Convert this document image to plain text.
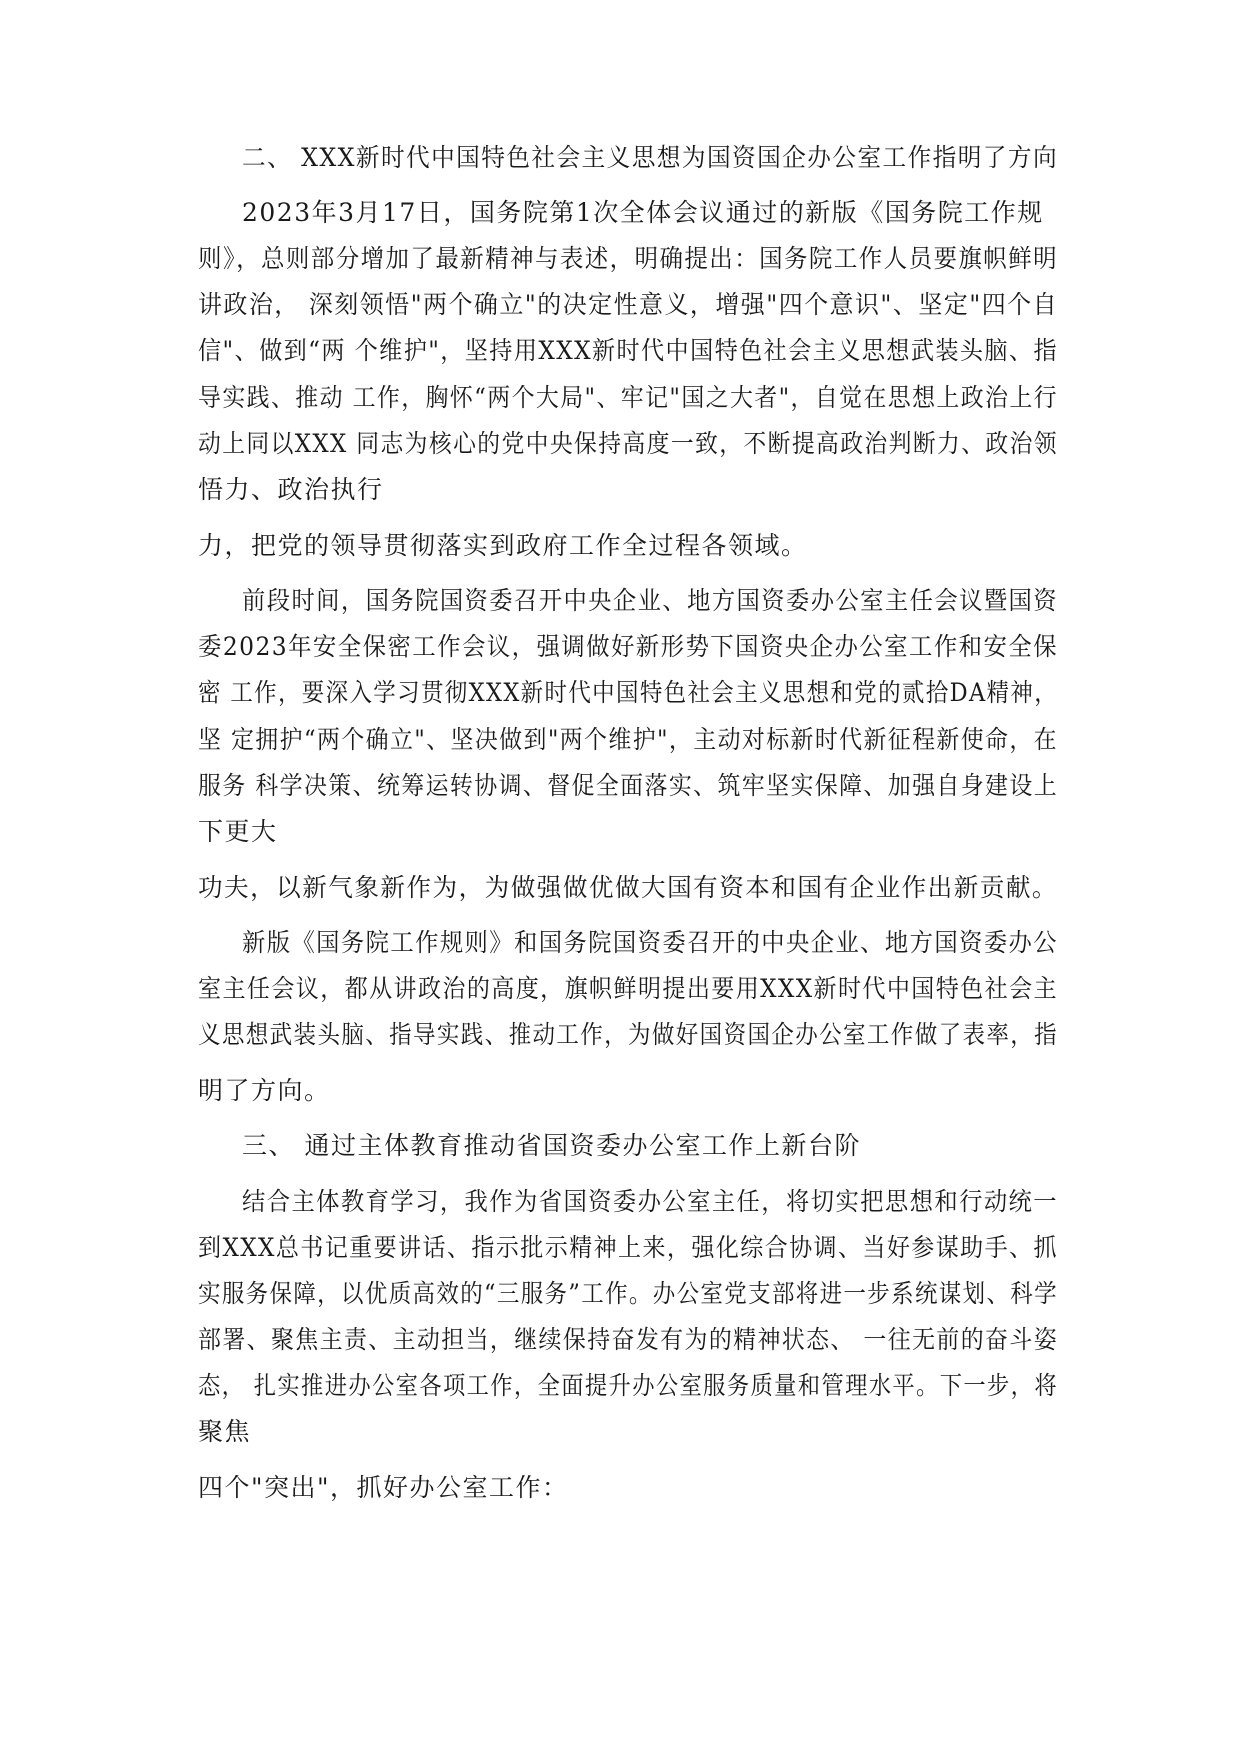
二、 XXX新时代中国特色社会主义思想为国资国企办公室工作指明了方向

2023年3月17日，国务院第1次全体会议通过的新版《国务院工作规

则》，总则部分增加了最新精神与表述，明确提出：国务院工作人员要旗帜鲜明

讲政治， 深刻领悟"两个确立"的决定性意义，增强"四个意识"、坚定"四个自

信"、做到“两 个维护"，坚持用XXX新时代中国特色社会主义思想武装头脑、指

导实践、推动 工作，胸怀“两个大局"、牢记"国之大者"，自觉在思想上政治上行

动上同以XXX 同志为核心的党中央保持高度一致，不断提高政治判断力、政治领

悟力、政治执行

力，把党的领导贯彻落实到政府工作全过程各领域。

前段时间，国务院国资委召开中央企业、地方国资委办公室主任会议暨国资

委2023年安全保密工作会议，强调做好新形势下国资央企办公室工作和安全保

密 工作，要深入学习贯彻XXX新时代中国特色社会主义思想和党的贰拾DA精神，

坚 定拥护“两个确立"、坚决做到"两个维护"，主动对标新时代新征程新使命，在

服务 科学决策、统筹运转协调、督促全面落实、筑牢坚实保障、加强自身建设上

下更大

功夫，以新气象新作为，为做强做优做大国有资本和国有企业作出新贡献。

新版《国务院工作规则》和国务院国资委召开的中央企业、地方国资委办公

室主任会议，都从讲政治的高度，旗帜鲜明提出要用XXX新时代中国特色社会主

义思想武装头脑、指导实践、推动工作，为做好国资国企办公室工作做了表率，指

明了方向。

三、 通过主体教育推动省国资委办公室工作上新台阶

结合主体教育学习，我作为省国资委办公室主任，将切实把思想和行动统一

到XXX总书记重要讲话、指示批示精神上来，强化综合协调、当好参谋助手、抓

实服务保障，以优质高效的“三服务”工作。办公室党支部将进一步系统谋划、科学

部署、聚焦主责、主动担当，继续保持奋发有为的精神状态、 一往无前的奋斗姿

态， 扎实推进办公室各项工作，全面提升办公室服务质量和管理水平。下一步，将

聚焦

四个"突出"，抓好办公室工作：
